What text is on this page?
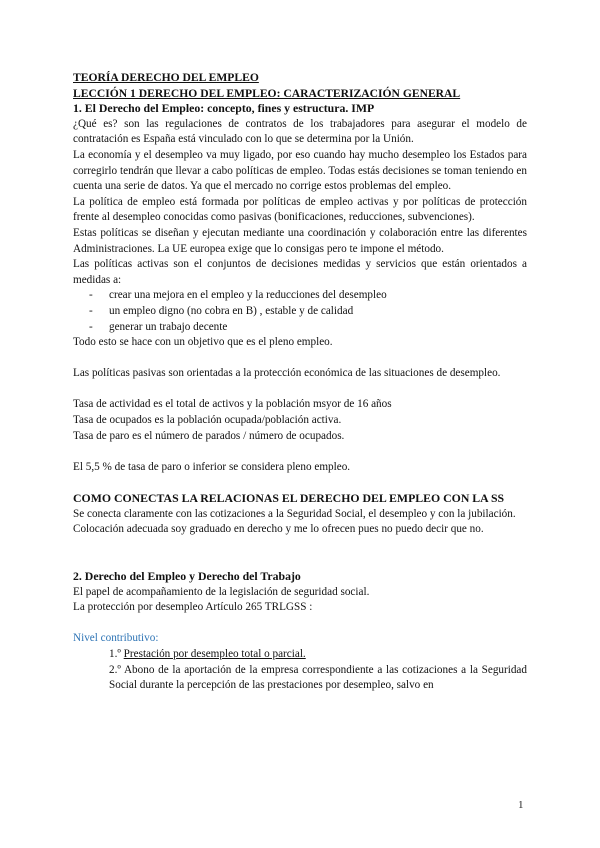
TEORÍA DERECHO DEL EMPLEO
LECCIÓN 1 DERECHO DEL EMPLEO: CARACTERIZACIÓN GENERAL
1. El Derecho del Empleo: concepto, fines y estructura. IMP

¿Qué es? son las regulaciones de contratos de los trabajadores para asegurar el modelo de contratación es España está vinculado con lo que se determina por la Unión.

La economía y el desempleo va muy ligado, por eso cuando hay mucho desempleo los Estados para corregirlo tendrán que llevar a cabo políticas de empleo. Todas estás decisiones se toman teniendo en cuenta una serie de datos. Ya que el mercado no corrige estos problemas del empleo.

La política de empleo está formada por políticas de empleo activas y por políticas de protección frente al desempleo conocidas como pasivas (bonificaciones, reducciones, subvenciones).

Estas políticas se diseñan y ejecutan mediante una coordinación y colaboración entre las diferentes Administraciones. La UE europea exige que lo consigas pero te impone el método.

Las políticas activas son el conjuntos de decisiones medidas y servicios que están orientados a medidas a:

- crear una mejora en el empleo y la reducciones del desempleo
- un empleo digno (no cobra en B) , estable y de calidad
- generar un trabajo decente

Todo esto se hace con un objetivo que es el pleno empleo.

Las políticas pasivas son orientadas a la protección económica de las situaciones de desempleo.

Tasa de actividad es el total de activos y la población msyor de 16 años

Tasa de ocupados es la población ocupada/población activa.

Tasa de paro es el número de parados / número de ocupados.

El 5,5 % de tasa de paro o inferior se considera pleno empleo.

COMO CONECTAS LA RELACIONAS EL DERECHO DEL EMPLEO CON LA SS

Se conecta claramente con las cotizaciones a la Seguridad Social, el desempleo y con la jubilación.

Colocación adecuada soy graduado en derecho y me lo ofrecen pues no puedo decir que no.

2. Derecho del Empleo y Derecho del Trabajo

El papel de acompañamiento de la legislación de seguridad social.

La protección por desempleo Artículo 265 TRLGSS :

Nivel contributivo:

1.º Prestación por desempleo total o parcial.

2.º Abono de la aportación de la empresa correspondiente a las cotizaciones a la Seguridad Social durante la percepción de las prestaciones por desempleo, salvo en

1
